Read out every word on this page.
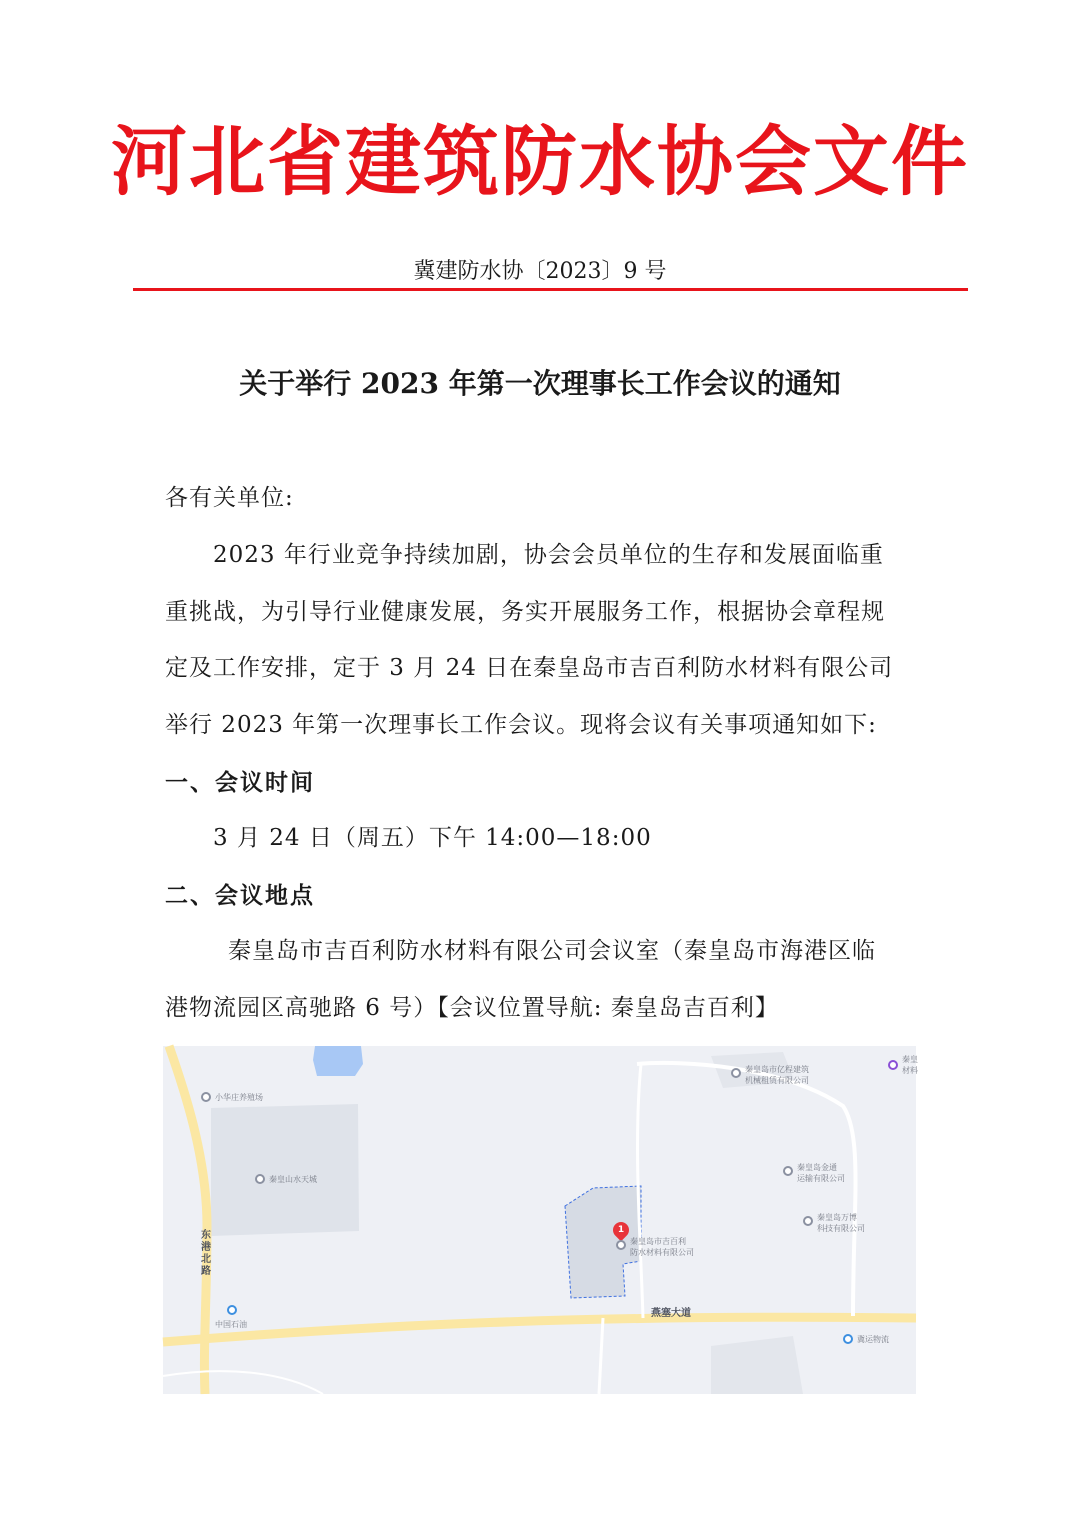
河北省建筑防水协会文件
冀建防水协〔2023〕9 号
关于举行 2023 年第一次理事长工作会议的通知
各有关单位:
2023 年行业竞争持续加剧，协会会员单位的生存和发展面临重
重挑战，为引导行业健康发展，务实开展服务工作，根据协会章程规
定及工作安排，定于 3 月 24 日在秦皇岛市吉百利防水材料有限公司
举行 2023 年第一次理事长工作会议。现将会议有关事项通知如下:
一、会议时间
3 月 24 日（周五）下午 14:00—18:00
二、会议地点
秦皇岛市吉百利防水材料有限公司会议室（秦皇岛市海港区临
港物流园区高驰路 6 号）【会议位置导航: 秦皇岛吉百利】
小华庄养殖场
秦皇山水天城
东港北路
中国石油
秦皇岛市亿程建筑
机械租赁有限公司
秦皇岛金通
运输有限公司
秦皇岛万博
科技有限公司
1
秦皇岛市吉百利
防水材料有限公司
燕塞大道
冀运物流
秦皇
材料
